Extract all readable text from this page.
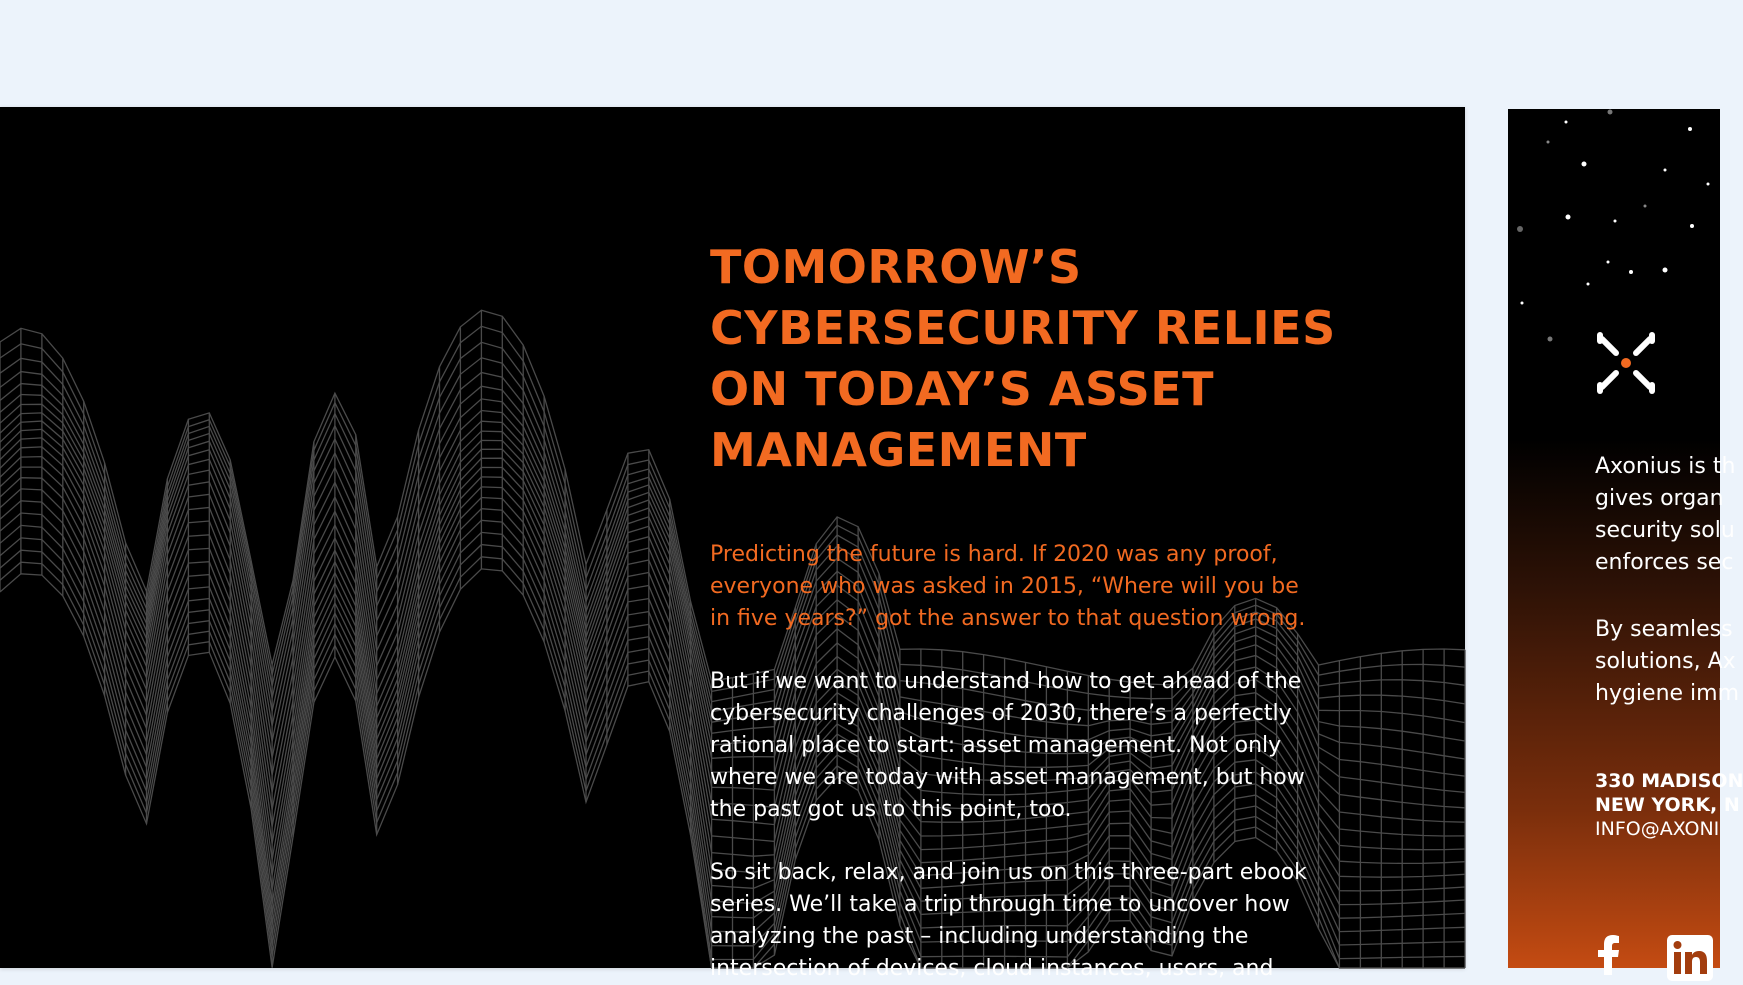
TOMORROW’S CYBERSECURITY RELIES ON TODAY’S ASSET MANAGEMENT

Predicting the future is hard. If 2020 was any proof, everyone who was asked in 2015, “Where will you be in five years?” got the answer to that question wrong.

But if we want to understand how to get ahead of the cybersecurity challenges of 2030, there’s a perfectly rational place to start: asset management. Not only where we are today with asset management, but how the past got us to this point, too.

So sit back, relax, and join us on this three-part ebook series. We’ll take a trip through time to uncover how analyzing the past – including understanding the intersection of devices, cloud instances, users, and

Axonius is th
gives organ
security solu
enforces sec

By seamless
solutions, Ax
hygiene imm

330 MADISON
NEW YORK, N
INFO@AXONI
